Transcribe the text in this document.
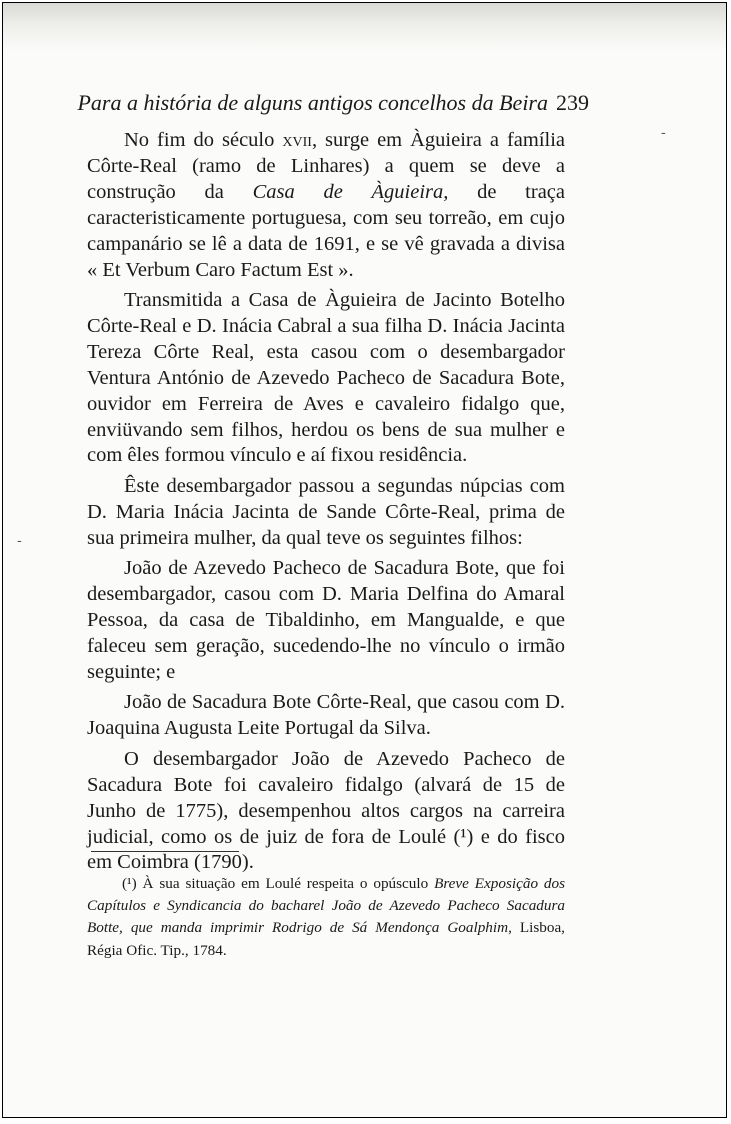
Para a história de alguns antigos concelhos da Beira 239

No fim do século xvii, surge em Àguieira a família Côrte-Real (ramo de Linhares) a quem se deve a construção da Casa de Àguieira, de traça caracteristicamente portuguesa, com seu torreão, em cujo campanário se lê a data de 1691, e se vê gravada a divisa « Et Verbum Caro Factum Est ».

Transmitida a Casa de Àguieira de Jacinto Botelho Côrte-Real e D. Inácia Cabral a sua filha D. Inácia Jacinta Tereza Côrte Real, esta casou com o desembargador Ventura António de Azevedo Pacheco de Sacadura Bote, ouvidor em Ferreira de Aves e cavaleiro fidalgo que, enviüvando sem filhos, herdou os bens de sua mulher e com êles formou vínculo e aí fixou residência.

Êste desembargador passou a segundas núpcias com D. Maria Inácia Jacinta de Sande Côrte-Real, prima de sua primeira mulher, da qual teve os seguintes filhos:

João de Azevedo Pacheco de Sacadura Bote, que foi desembargador, casou com D. Maria Delfina do Amaral Pessoa, da casa de Tibaldinho, em Mangualde, e que faleceu sem geração, sucedendo-lhe no vínculo o irmão seguinte; e

João de Sacadura Bote Côrte-Real, que casou com D. Joaquina Augusta Leite Portugal da Silva.

O desembargador João de Azevedo Pacheco de Sacadura Bote foi cavaleiro fidalgo (alvará de 15 de Junho de 1775), desempenhou altos cargos na carreira judicial, como os de juiz de fora de Loulé (¹) e do fisco em Coimbra (1790).

(¹) À sua situação em Loulé respeita o opúsculo Breve Exposição dos Capítulos e Syndicancia do bacharel João de Azevedo Pacheco Sacadura Botte, que manda imprimir Rodrigo de Sá Mendonça Goalphim, Lisboa, Régia Ofic. Tip., 1784.
-
-
